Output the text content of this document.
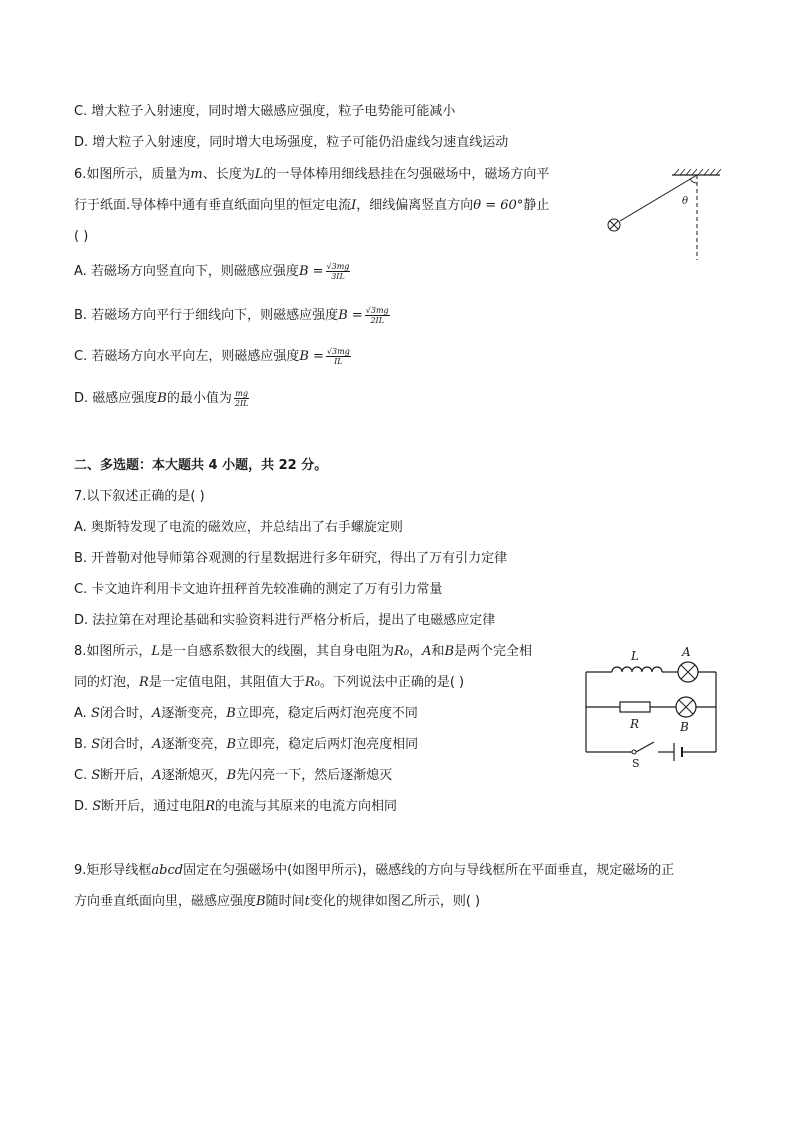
C. 增大粒子入射速度，同时增大磁感应强度，粒子电势能可能减小
D. 增大粒子入射速度，同时增大电场强度，粒子可能仍沿虚线匀速直线运动
6.如图所示，质量为m、长度为L的一导体棒用细线悬挂在匀强磁场中，磁场方向平
行于纸面.导体棒中通有垂直纸面向里的恒定电流I，细线偏离竖直方向θ = 60°静止
( )
A. 若磁场方向竖直向下，则磁感应强度$B = \frac{√3mg}{3IL}$
B. 若磁场方向平行于细线向下，则磁感应强度$B = \frac{√3mg}{2IL}$
C. 若磁场方向水平向左，则磁感应强度$B = \frac{√3mg}{IL}$
D. 磁感应强度B的最小值为 $\frac{mg}{2IL}$
θ
二、多选题：本大题共 4 小题，共 22 分。
7.以下叙述正确的是( )
A. 奥斯特发现了电流的磁效应，并总结出了右手螺旋定则
B. 开普勒对他导师第谷观测的行星数据进行多年研究，得出了万有引力定律
C. 卡文迪许利用卡文迪许扭秤首先较准确的测定了万有引力常量
D. 法拉第在对理论基础和实验资料进行严格分析后，提出了电磁感应定律
8.如图所示，L是一自感系数很大的线圈，其自身电阻为R₀，A和B是两个完全相
同的灯泡，R是一定值电阻，其阻值大于R₀。下列说法中正确的是( )
A. S闭合时，A逐渐变亮，B立即亮，稳定后两灯泡亮度不同
B. S闭合时，A逐渐变亮，B立即亮，稳定后两灯泡亮度相同
C. S断开后，A逐渐熄灭，B先闪亮一下，然后逐渐熄灭
D. S断开后，通过电阻R的电流与其原来的电流方向相同
L	A
R	B
S
9.矩形导线框abcd固定在匀强磁场中(如图甲所示)，磁感线的方向与导线框所在平面垂直，规定磁场的正
方向垂直纸面向里，磁感应强度B随时间t变化的规律如图乙所示，则( )
